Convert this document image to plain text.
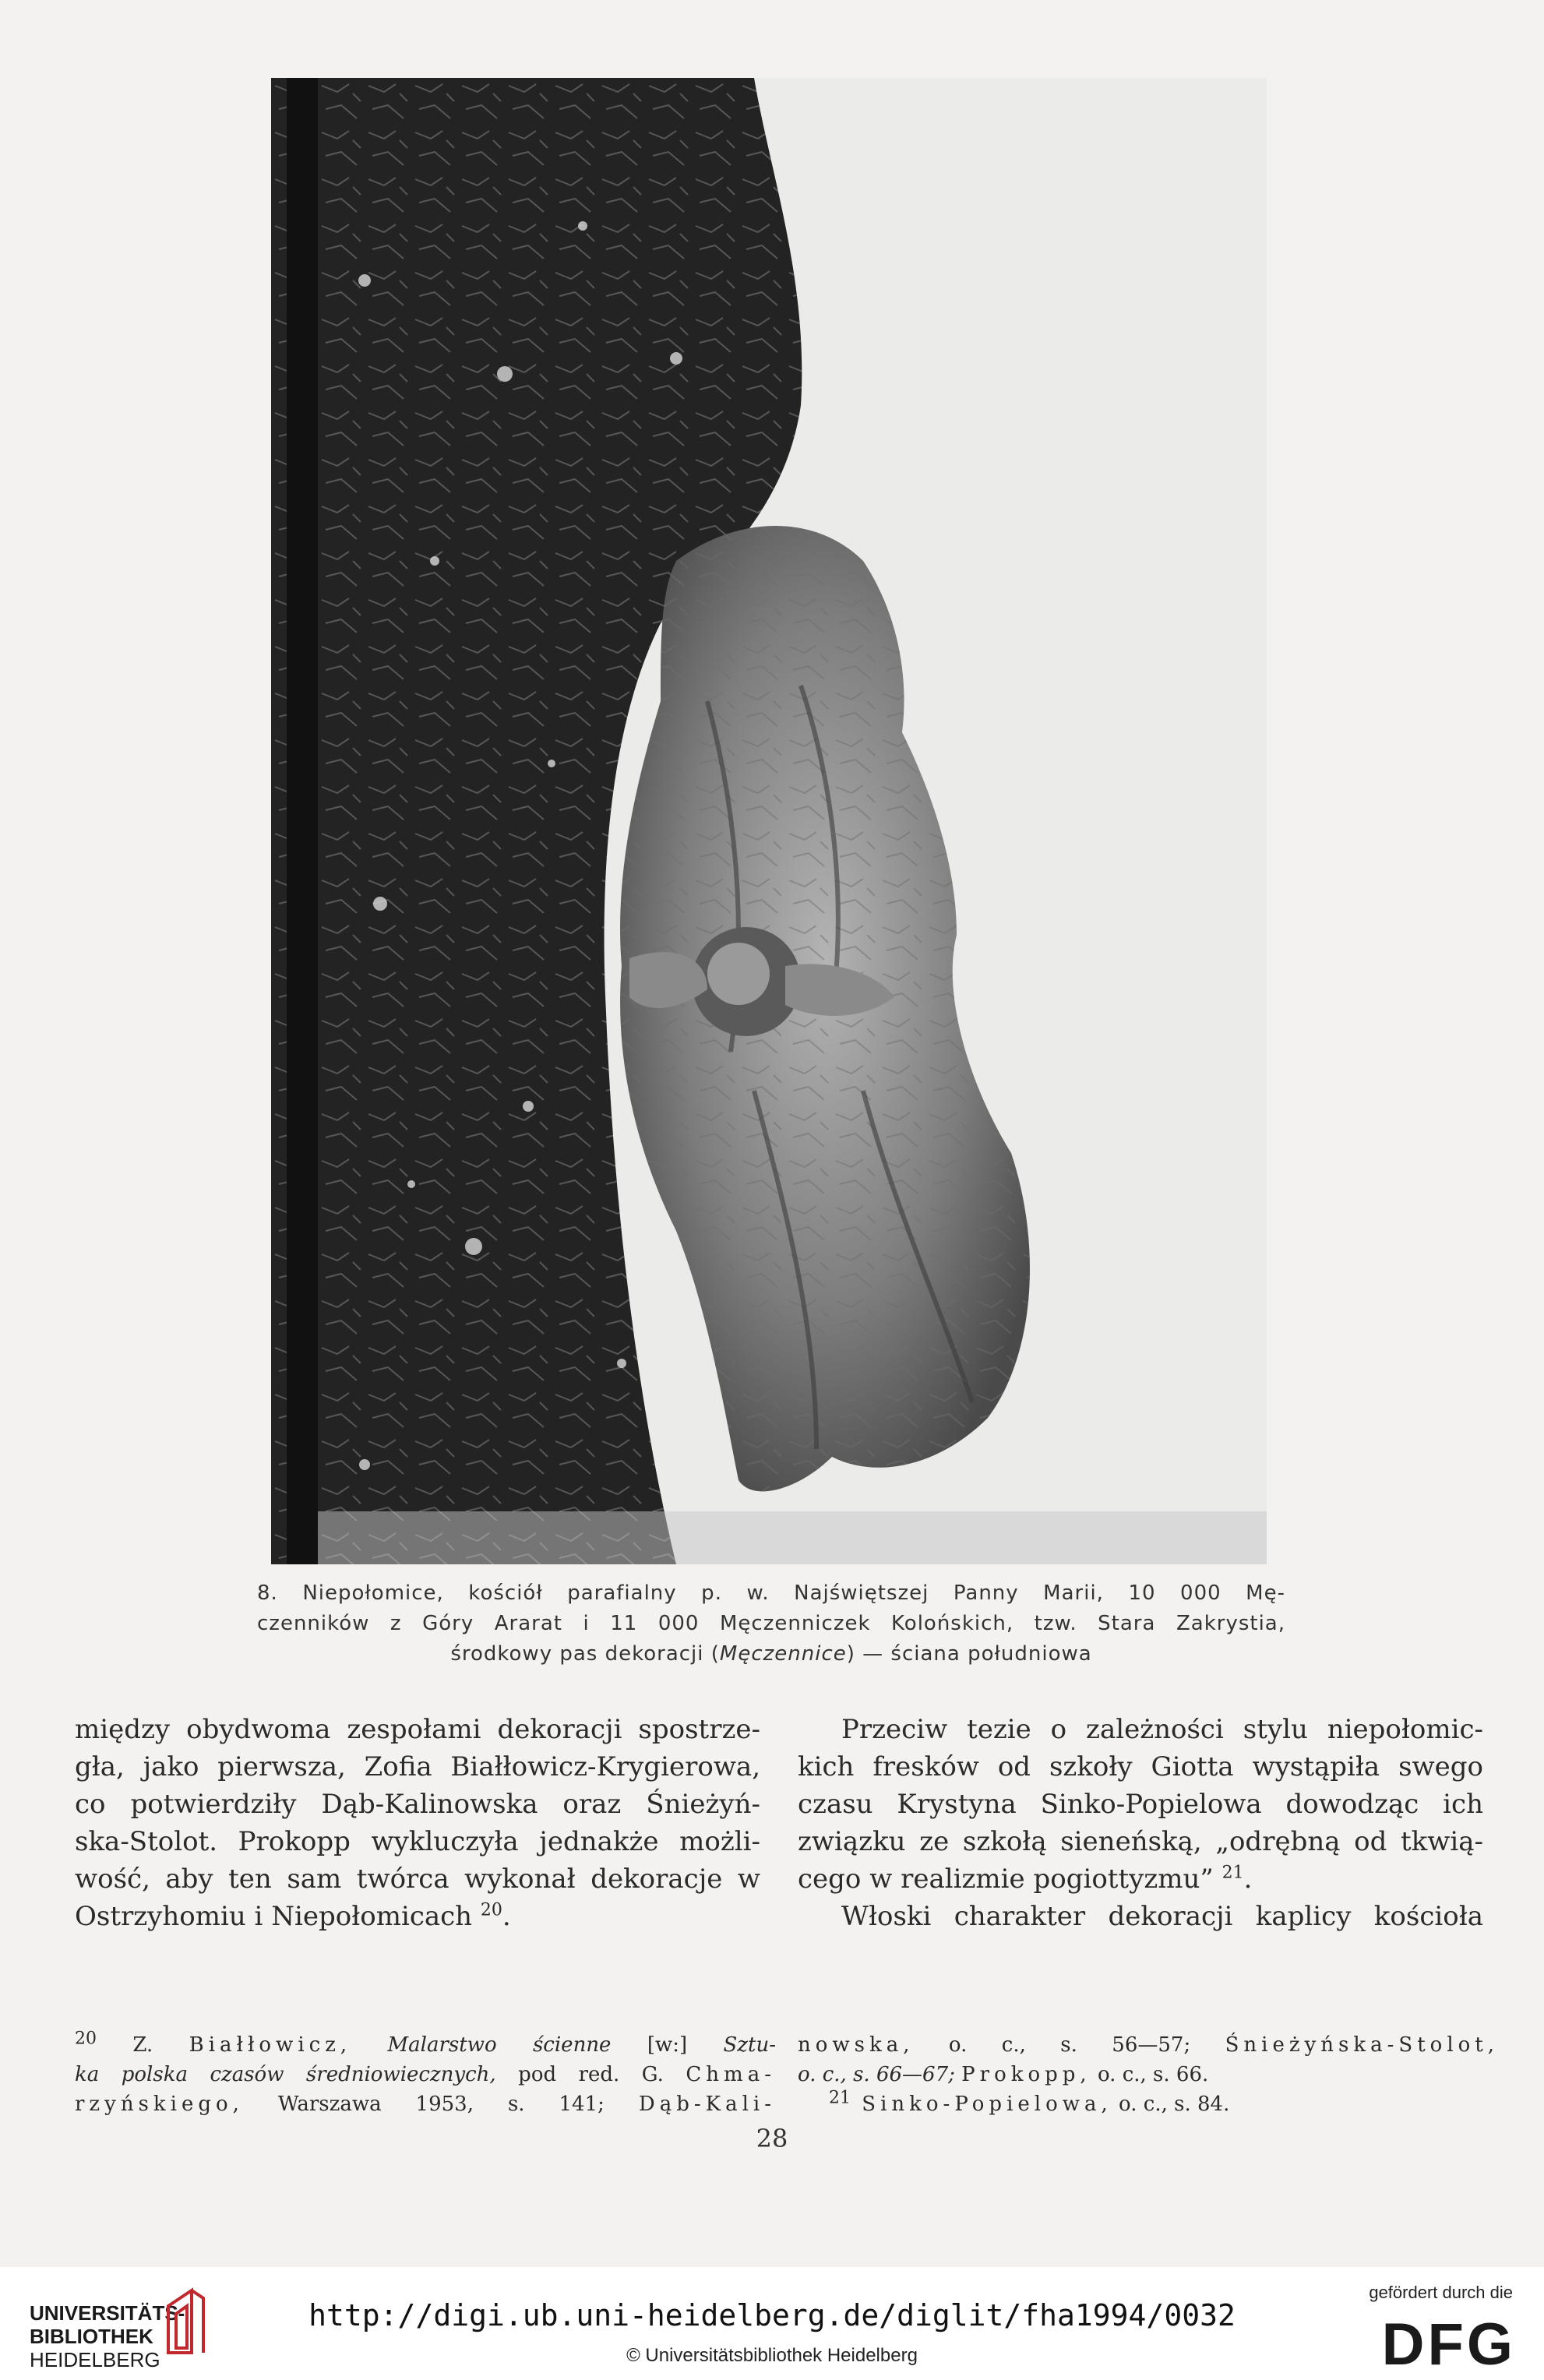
8. Niepołomice, kościół parafialny p. w. Najświętszej Panny Marii, 10 000 Mę-
czenników z Góry Ararat i 11 000 Męczenniczek Kolońskich, tzw. Stara Zakrystia,
środkowy pas dekoracji (Męczennice) — ściana południowa
między obydwoma zespołami dekoracji spostrze-
gła, jako pierwsza, Zofia Białłowicz-Krygierowa,
co potwierdziły Dąb-Kalinowska oraz Śnieżyń-
ska-Stolot. Prokopp wykluczyła jednakże możli-
wość, aby ten sam twórca wykonał dekoracje w
Ostrzyhomiu i Niepołomicach $^{20}$.
Przeciw tezie o zależności stylu niepołomic-
kich fresków od szkoły Giotta wystąpiła swego
czasu Krystyna Sinko-Popielowa dowodząc ich
związku ze szkołą sieneńską, „odrębną od tkwią-
cego w realizmie pogiottyzmu” $^{21}$.
Włoski charakter dekoracji kaplicy kościoła
$^{20}$ Z. Białłowicz, Malarstwo ścienne [w:] Sztu-
ka polska czasów średniowiecznych, pod red. G. Chma-
rzyńskiego, Warszawa 1953, s. 141; Dąb-Kali-
nowska, o. c., s. 56—57; Śnieżyńska-Stolot,
o. c., s. 66—67; Prokopp, o. c., s. 66.
$^{21}$ Sinko-Popielowa, o. c., s. 84.
28
UNIVERSITÄTS-
BIBLIOTHEK
HEIDELBERG
http://digi.ub.uni-heidelberg.de/diglit/fha1994/0032
© Universitätsbibliothek Heidelberg
gefördert durch die
DFG
